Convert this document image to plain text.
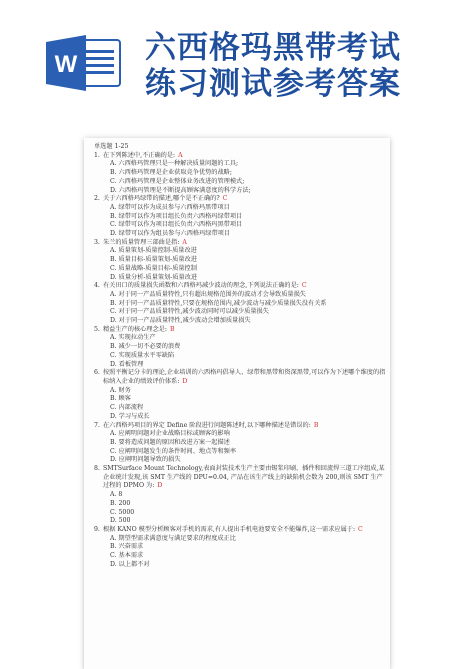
W 六西格玛黑带考试
练习测试参考答案
单选题 1-25
1. 在下列陈述中,不正确的是: A
A. 六西格玛管理只是一种解决质量问题的工具;
B. 六西格玛管理是企业获取竞争优势的战略;
C. 六西格玛管理是企业整体业务改进的管理模式;
D. 六西格玛管理是不断提高顾客满意度的科学方法;
2. 关于六西格玛绿带的描述,哪个是不正确的? C
A. 绿带可以作为成员参与六西格玛黑带项目
B. 绿带可以作为项目组长负责六西格玛绿带项目
C. 绿带可以作为项目组长负责六西格玛黑带项目
D. 绿带可以作为组员参与六西格玛绿带项目
3. 朱兰的质量管理三部曲是指: A
A. 质量策划-质量控制-质量改进
B. 质量目标-质量策划-质量改进
C. 质量战略-质量目标-质量控制
D. 质量分析-质量策划-质量改进
4. 有关田口的质量损失函数和六西格玛减少波动的理念,下列说法正确的是: C
A. 对于同一产品质量特性,只有超出规格范围外的波动才会导致质量损失
B. 对于同一产品质量特性,只要在规格范围内,减少波动与减少质量损失没有关系
C. 对于同一产品质量特性,减少波动同时可以减少质量损失
D. 对于同一产品质量特性,减少波动会增加质量损失
5. 精益生产的核心理念是: B
A. 实现拉动生产
B. 减少一切不必要的浪费
C. 实现质量水平零缺陷
D. 看板管理
6. 按照平衡记分卡的理论,企业培训的六西格玛倡导人、绿带和黑带和资深黑带,可以作为下述哪个维度的指标纳入企业的绩效评价体系: D
A. 财务
B. 顾客
C. 内部流程
D. 学习与成长
7. 在六西格玛项目的界定 Define 阶段进行问题陈述时,以下哪种描述是错误的: B
A. 应阐明问题对企业战略目标或顾客的影响
B. 要将造成问题的原因和改进方案一起描述
C. 应阐明问题发生的条件时间、地点等和频率
D. 应阐明问题导致的损失
8. SMTSurface Mount Technology,表面封装技术生产主要由锡浆印刷、插件和回流焊三道工序组成,某企业统计发现,该 SMT 生产线的 DPU=0.04, 产品在该生产线上的缺陷机会数为 200,则该 SMT 生产过程的 DPMO 为: D
A. 8
B. 200
C. 5000
D. 500
9. 根据 KANO 模型分析顾客对手机的需求,有人提出手机电池要安全不能爆炸,这一需求应属于: C
A. 期望型需求满意度与满足要求的程度成正比
B. 兴奋需求
C. 基本需求
D. 以上都不对
